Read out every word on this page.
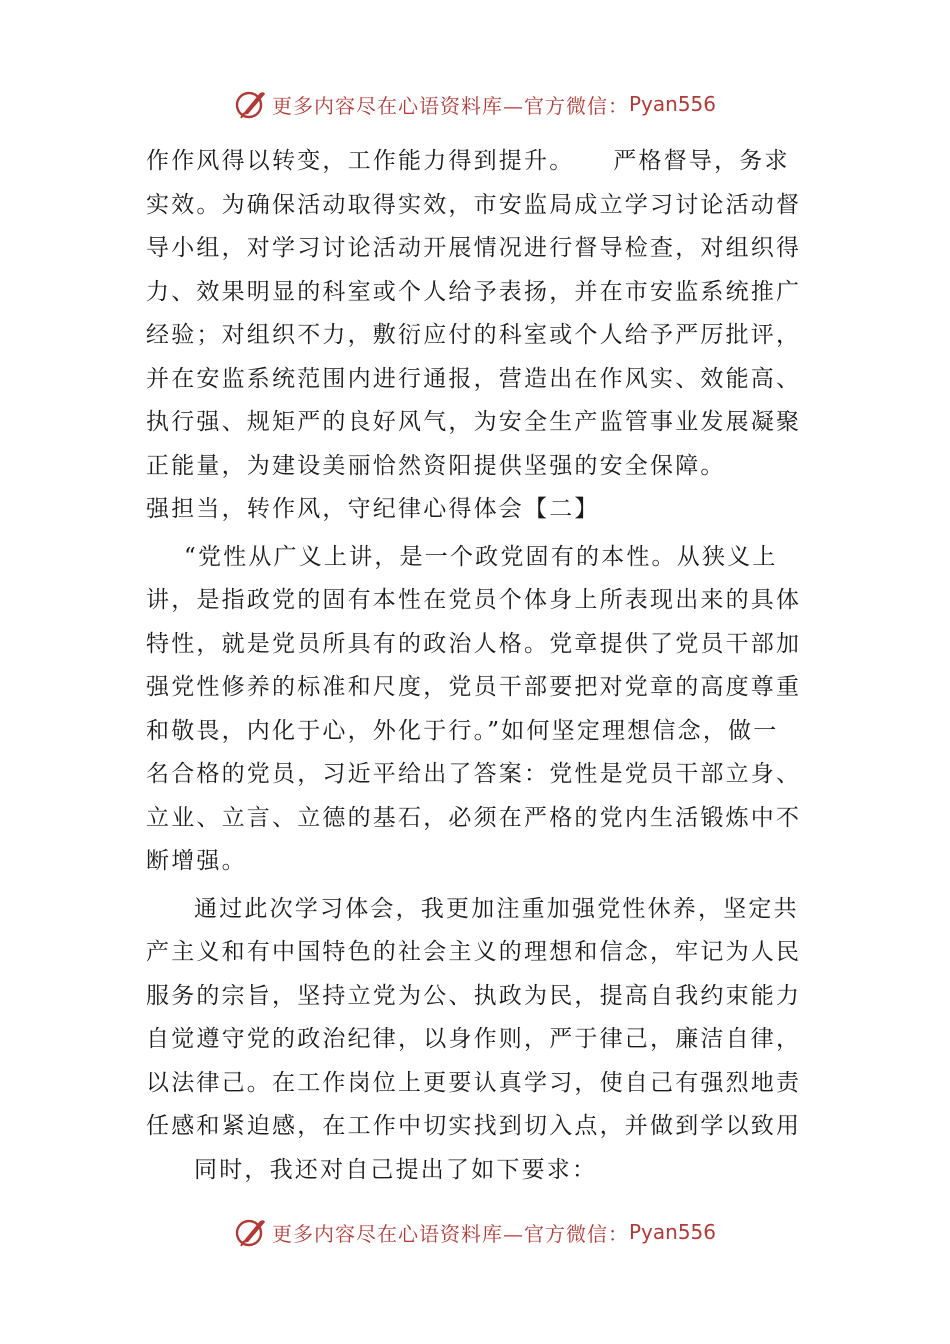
更多内容尽在心语资料库—官方微信： Pyan556
作作风得以转变，工作能力得到提升。　　严格督导，务求
实效。为确保活动取得实效，市安监局成立学习讨论活动督
导小组，对学习讨论活动开展情况进行督导检查，对组织得
力、效果明显的科室或个人给予表扬，并在市安监系统推广
经验；对组织不力，敷衍应付的科室或个人给予严厉批评，
并在安监系统范围内进行通报，营造出在作风实、效能高、
执行强、规矩严的良好风气，为安全生产监管事业发展凝聚
正能量，为建设美丽恰然资阳提供坚强的安全保障。
强担当，转作风，守纪律心得体会【二】
“党性从广义上讲，是一个政党固有的本性。从狭义上
讲，是指政党的固有本性在党员个体身上所表现出来的具体
特性，就是党员所具有的政治人格。党章提供了党员干部加
强党性修养的标准和尺度，党员干部要把对党章的高度尊重
和敬畏，内化于心，外化于行。”如何坚定理想信念，做一
名合格的党员，习近平给出了答案：党性是党员干部立身、
立业、立言、立德的基石，必须在严格的党内生活锻炼中不
断增强。
通过此次学习体会，我更加注重加强党性休养，坚定共
产主义和有中国特色的社会主义的理想和信念，牢记为人民
服务的宗旨，坚持立党为公、执政为民，提高自我约束能力
自觉遵守党的政治纪律，以身作则，严于律己，廉洁自律，
以法律己。在工作岗位上更要认真学习，使自己有强烈地责
任感和紧迫感，在工作中切实找到切入点，并做到学以致用
同时，我还对自己提出了如下要求：
更多内容尽在心语资料库—官方微信： Pyan556
